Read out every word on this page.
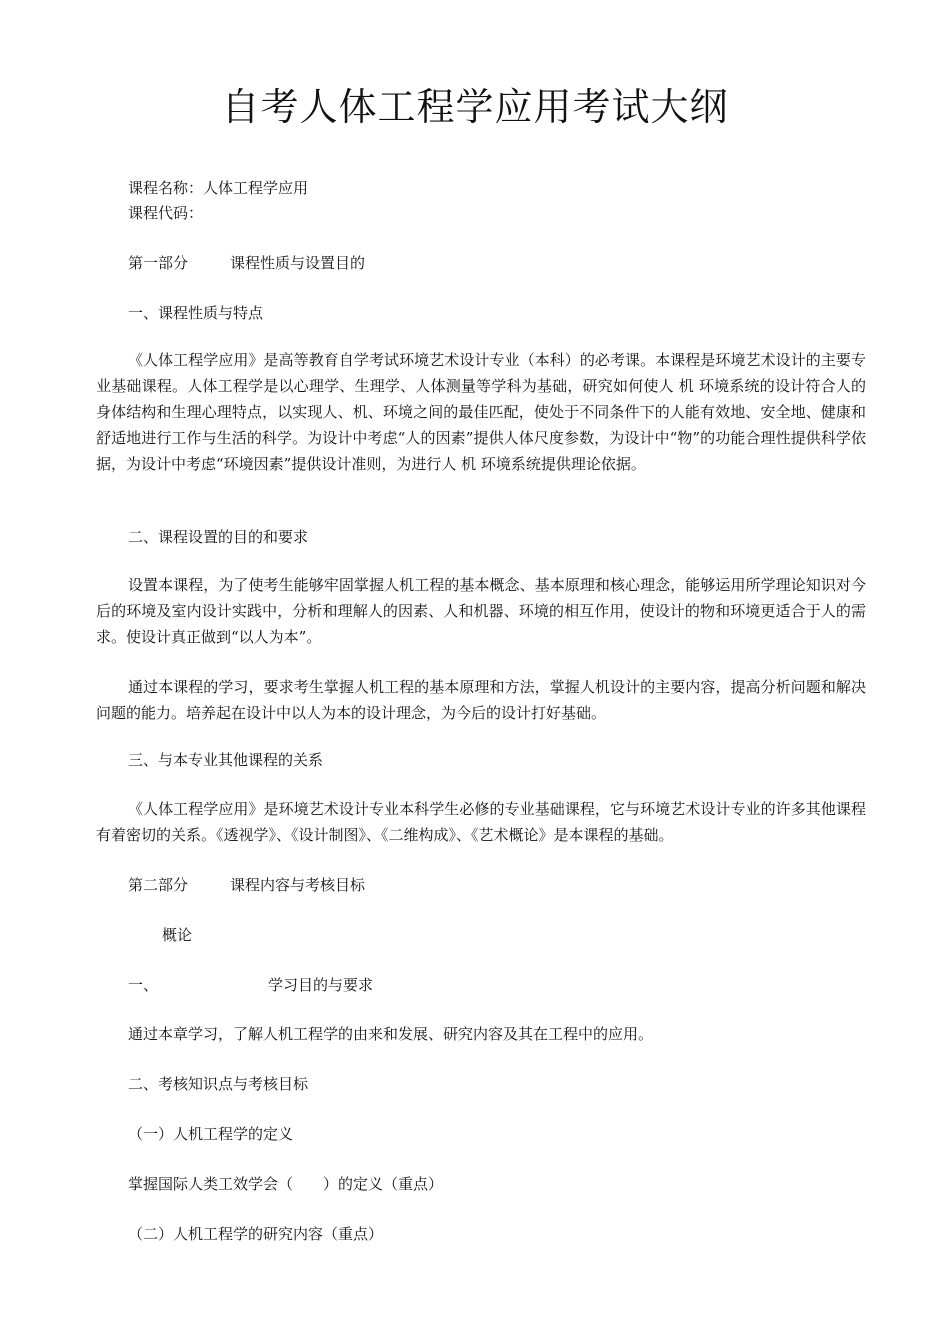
自考人体工程学应用考试大纲

课程名称：人体工程学应用

课程代码：

第一部分	课程性质与设置目的

一、课程性质与特点

《人体工程学应用》是高等教育自学考试环境艺术设计专业（本科）的必考课。本课程是环境艺术设计的主要专业基础课程。人体工程学是以心理学、生理学、人体测量等学科为基础，研究如何使人 机 环境系统的设计符合人的身体结构和生理心理特点，以实现人、机、环境之间的最佳匹配，使处于不同条件下的人能有效地、安全地、健康和舒适地进行工作与生活的科学。为设计中考虑“人的因素”提供人体尺度参数，为设计中“物”的功能合理性提供科学依据，为设计中考虑“环境因素”提供设计准则，为进行人 机 环境系统提供理论依据。

二、课程设置的目的和要求

设置本课程，为了使考生能够牢固掌握人机工程的基本概念、基本原理和核心理念，能够运用所学理论知识对今后的环境及室内设计实践中，分析和理解人的因素、人和机器、环境的相互作用，使设计的物和环境更适合于人的需求。使设计真正做到“以人为本”。

通过本课程的学习，要求考生掌握人机工程的基本原理和方法，掌握人机设计的主要内容，提高分析问题和解决问题的能力。培养起在设计中以人为本的设计理念，为今后的设计打好基础。

三、与本专业其他课程的关系

《人体工程学应用》是环境艺术设计专业本科学生必修的专业基础课程，它与环境艺术设计专业的许多其他课程有着密切的关系。《透视学》、《设计制图》、《二维构成》、《艺术概论》是本课程的基础。

第二部分	课程内容与考核目标

概论

一、	学习目的与要求

通过本章学习，了解人机工程学的由来和发展、研究内容及其在工程中的应用。

二、考核知识点与考核目标

（一）人机工程学的定义

掌握国际人类工效学会（　　）的定义（重点）

（二）人机工程学的研究内容（重点）
